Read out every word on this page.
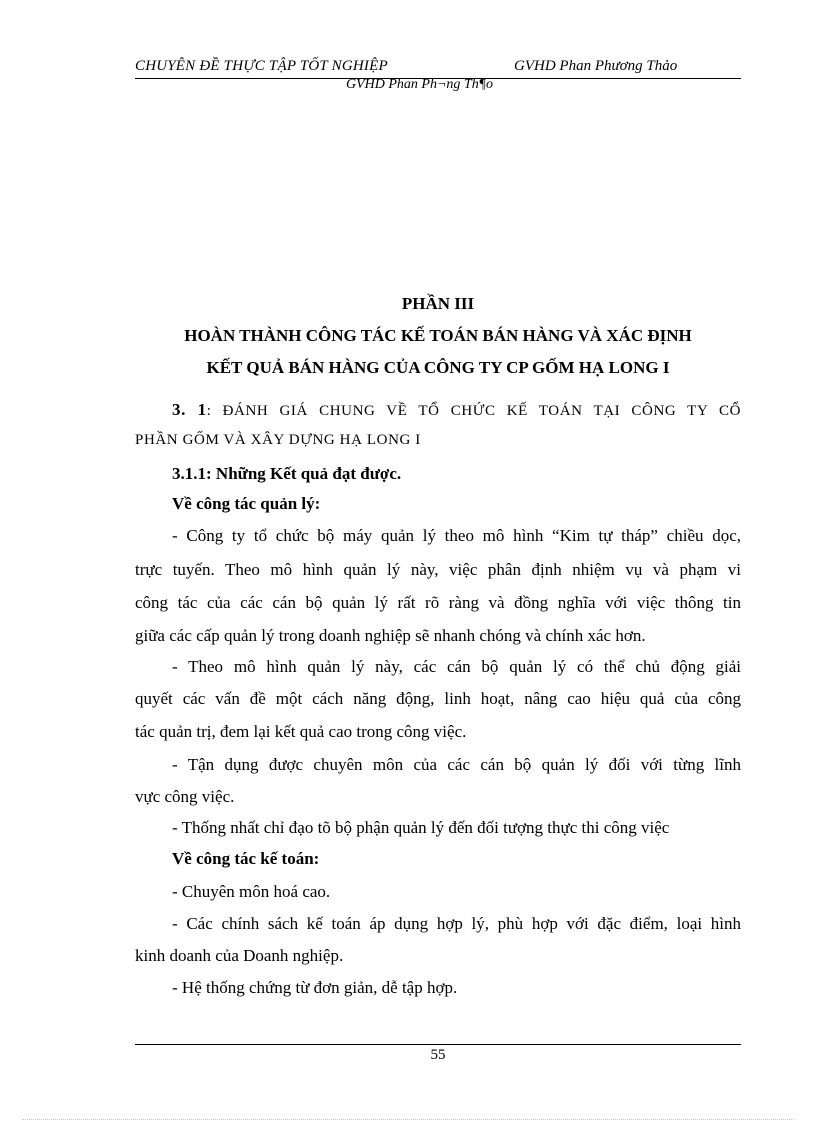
CHUYÊN ĐỀ THỰC TẬP TỐT NGHIỆP	GVHD Phan Phương Thảo
GVHD Phan Ph¬ng Th¶o
PHẦN III
HOÀN THÀNH CÔNG TÁC KẾ TOÁN BÁN HÀNG VÀ XÁC ĐỊNH
KẾT QUẢ BÁN HÀNG CỦA CÔNG TY CP GỐM HẠ LONG I
3. 1: ĐÁNH GIÁ CHUNG VỀ TỔ CHỨC KẾ TOÁN TẠI CÔNG TY CỔ
PHẦN GỐM VÀ XÂY DỰNG HẠ LONG I
3.1.1: Những Kết quả đạt được.
Về công tác quản lý:
- Công ty tổ chức bộ máy quản lý theo mô hình “Kim tự tháp” chiều dọc,
trực tuyến. Theo mô hình quản lý này, việc phân định nhiệm vụ và phạm vi
công tác của các cán bộ quản lý rất rõ ràng và đồng nghĩa với việc thông tin
giữa các cấp quản lý trong doanh nghiệp sẽ nhanh chóng và chính xác hơn.
- Theo mô hình quản lý này, các cán bộ quản lý có thể chủ động giải
quyết các vấn đề một cách năng động, linh hoạt, nâng cao hiệu quả của công
tác quản trị, đem lại kết quả cao trong công việc.
- Tận dụng được chuyên môn của các cán bộ quản lý đối với từng lĩnh
vực công việc.
- Thống nhất chỉ đạo tõ bộ phận quản lý đến đối tượng thực thi công việc
Về công tác kế toán:
- Chuyên môn hoá cao.
- Các chính sách kế toán áp dụng hợp lý, phù hợp với đặc điểm, loại hình
kinh doanh của Doanh nghiệp.
- Hệ thống chứng từ đơn giản, dễ tập hợp.
55
